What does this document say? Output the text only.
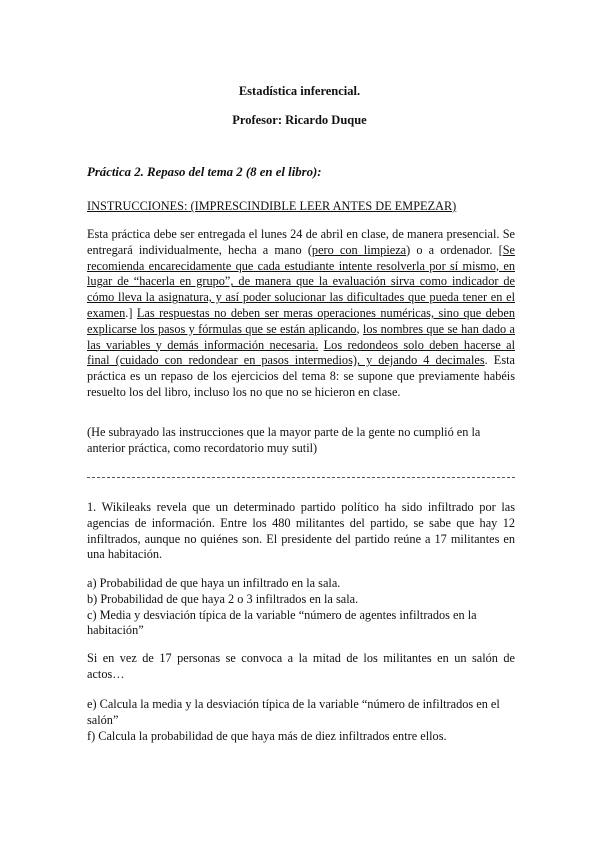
Estadística inferencial.
Profesor: Ricardo Duque
Práctica 2. Repaso del tema 2 (8 en el libro):
INSTRUCCIONES: (IMPRESCINDIBLE LEER ANTES DE EMPEZAR)

Esta práctica debe ser entregada el lunes 24 de abril en clase, de manera presencial. Se entregará individualmente, hecha a mano (pero con limpieza) o a ordenador. [Se recomienda encarecidamente que cada estudiante intente resolverla por sí mismo, en lugar de “hacerla en grupo”, de manera que la evaluación sirva como indicador de cómo lleva la asignatura, y así poder solucionar las dificultades que pueda tener en el examen.] Las respuestas no deben ser meras operaciones numéricas, sino que deben explicarse los pasos y fórmulas que se están aplicando, los nombres que se han dado a las variables y demás información necesaria. Los redondeos solo deben hacerse al final (cuidado con redondear en pasos intermedios), y dejando 4 decimales. Esta práctica es un repaso de los ejercicios del tema 8: se supone que previamente habéis resuelto los del libro, incluso los no que no se hicieron en clase.

(He subrayado las instrucciones que la mayor parte de la gente no cumplió en la anterior práctica, como recordatorio muy sutil)

1. Wikileaks revela que un determinado partido político ha sido infiltrado por las agencias de información. Entre los 480 militantes del partido, se sabe que hay 12 infiltrados, aunque no quiénes son. El presidente del partido reúne a 17 militantes en una habitación.

a) Probabilidad de que haya un infiltrado en la sala.
b) Probabilidad de que haya 2 o 3 infiltrados en la sala.
c) Media y desviación típica de la variable “número de agentes infiltrados en la habitación”

Si en vez de 17 personas se convoca a la mitad de los militantes en un salón de actos…

e) Calcula la media y la desviación típica de la variable “número de infiltrados en el salón”
f) Calcula la probabilidad de que haya más de diez infiltrados entre ellos.
